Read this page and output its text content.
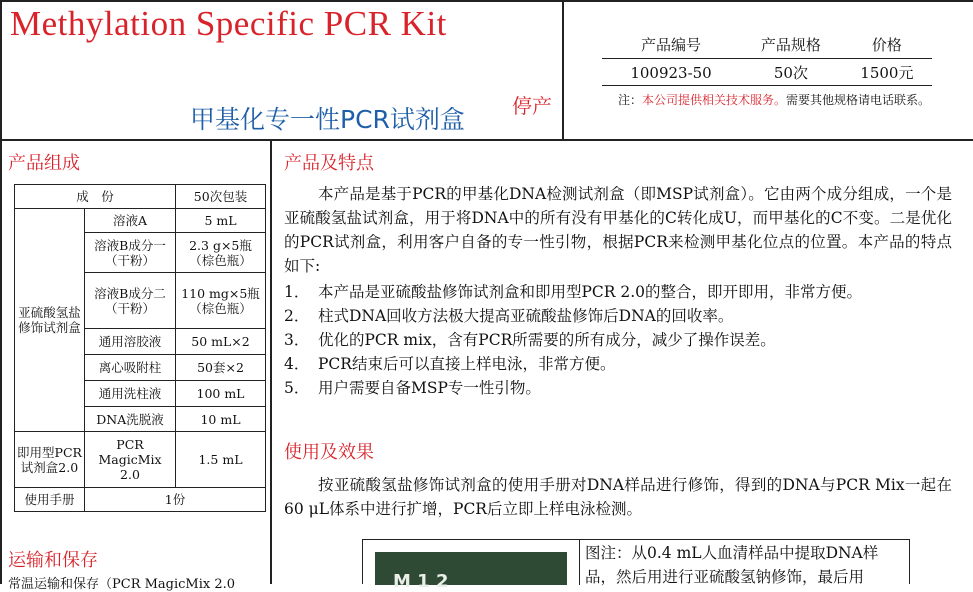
Methylation Specific PCR Kit
甲基化专一性PCR试剂盒 停产
产品编号	产品规格	价格
100923-50	50次	1500元
注：本公司提供相关技术服务。需要其他规格请电话联系。
产品组成
成　份		50次包装
亚硫酸氢盐修饰试剂盒	溶液A	5 mL
	溶液B成分一（干粉）	2.3 g×5瓶（棕色瓶）
	溶液B成分二（干粉）	110 mg×5瓶（棕色瓶）
	通用溶胶液	50 mL×2
	离心吸附柱	50套×2
	通用洗柱液	100 mL
	DNA洗脱液	10 mL
即用型PCR试剂盒2.0	PCR MagicMix 2.0	1.5 mL
使用手册	1份	
运输和保存
常温运输和保存（PCR MagicMix 2.0
产品及特点

本产品是基于PCR的甲基化DNA检测试剂盒（即MSP试剂盒）。它由两个成分组成，一个是亚硫酸氢盐试剂盒，用于将DNA中的所有没有甲基化的C转化成U，而甲基化的C不变。二是优化的PCR试剂盒，利用客户自备的专一性引物，根据PCR来检测甲基化位点的位置。本产品的特点如下:

1． 本产品是亚硫酸盐修饰试剂盒和即用型PCR 2.0的整合，即开即用，非常方便。
2． 柱式DNA回收方法极大提高亚硫酸盐修饰后DNA的回收率。
3． 优化的PCR mix，含有PCR所需要的所有成分，减少了操作误差。
4． PCR结束后可以直接上样电泳，非常方便。
5． 用户需要自备MSP专一性引物。
使用及效果

按亚硫酸氢盐修饰试剂盒的使用手册对DNA样品进行修饰，得到的DNA与PCR Mix一起在60 μL体系中进行扩增，PCR后立即上样电泳检测。

M 1 2
图注：从0.4 mL人血清样品中提取DNA样品，然后用进行亚硫酸氢钠修饰，最后用
